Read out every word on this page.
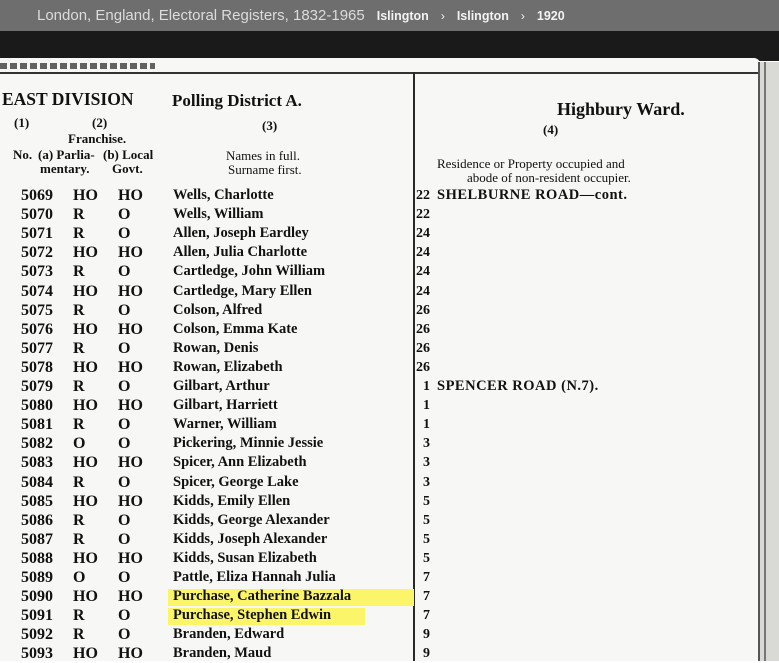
London, England, Electoral Registers, 1832-1965 Islington › Islington › 1920
EAST DIVISION Polling District A.	Highbury Ward.
(1)	(2)	(3)	(4)
Franchise.
No. (a) Parlia- (b) Local
mentary. Govt.
Names in full.
Surname first.	Residence or Property occupied and
abode of non-resident occupier.
5069 HO HO Wells, Charlotte	22 SHELBURNE ROAD—cont.
5070 R O	Wells, William	22
5071 R O	Allen, Joseph Eardley	24
5072 HO HO Allen, Julia Charlotte	24
5073 R O	Cartledge, John William	24
5074 HO HO Cartledge, Mary Ellen	24
5075 R O	Colson, Alfred	26
5076 HO HO Colson, Emma Kate	26
5077 R O	Rowan, Denis	26
5078 HO HO Rowan, Elizabeth	26
5079 R O	Gilbart, Arthur	1 SPENCER ROAD (N.7).
5080 HO HO Gilbart, Harriett	1
5081 R O	Warner, William	1
5082 O O	Pickering, Minnie Jessie	3
5083 HO HO Spicer, Ann Elizabeth	3
5084 R O	Spicer, George Lake	3
5085 HO HO Kidds, Emily Ellen	5
5086 R O	Kidds, George Alexander	5
5087 R O	Kidds, Joseph Alexander	5
5088 HO HO Kidds, Susan Elizabeth	5
5089 O O	Pattle, Eliza Hannah Julia	7
5090 HO HO Purchase, Catherine Bazzala	7
5091 R O	Purchase, Stephen Edwin	7
5092 R O	Branden, Edward	9
5093 HO HO Branden, Maud	9
